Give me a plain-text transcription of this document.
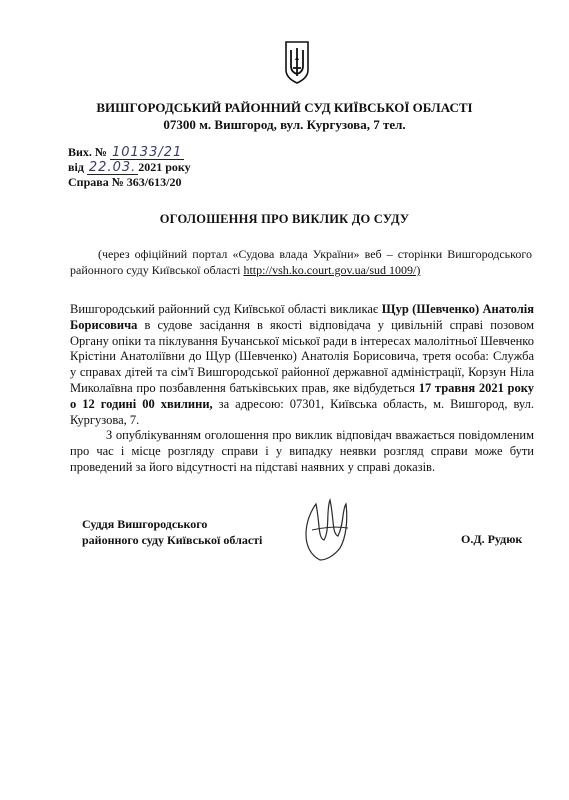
ВИШГОРОДСЬКИЙ РАЙОННИЙ СУД КИЇВСЬКОЇ ОБЛАСТІ
07300 м. Вишгород, вул. Кургузова, 7 тел.
Вих. № 10133/21
від 22.03. 2021 року
Справа № 363/613/20
ОГОЛОШЕННЯ ПРО ВИКЛИК ДО СУДУ
(через офіційний портал «Судова влада України» веб – сторінки Вишгородського районного суду Київської області http://vsh.ko.court.gov.ua/sud 1009/)

Вишгородський районний суд Київської області викликає Щур (Шевченко) Анатолія Борисовича в судове засідання в якості відповідача у цивільній справі позовом Органу опіки та піклування Бучанської міської ради в інтересах малолітньої Шевченко Крістіни Анатоліївни до Щур (Шевченко) Анатолія Борисовича, третя особа: Служба у справах дітей та сім'ї Вишгородської районної державної адміністрації, Корзун Ніла Миколаївна про позбавлення батьківських прав, яке відбудеться 17 травня 2021 року о 12 годині 00 хвилини, за адресою: 07301, Київська область, м. Вишгород, вул. Кургузова, 7.

З опублікуванням оголошення про виклик відповідач вважається повідомленим про час і місце розгляду справи і у випадку неявки розгляд справи може бути проведений за його відсутності на підставі наявних у справі доказів.

Суддя Вишгородського
районного суду Київської області	О.Д. Рудюк
